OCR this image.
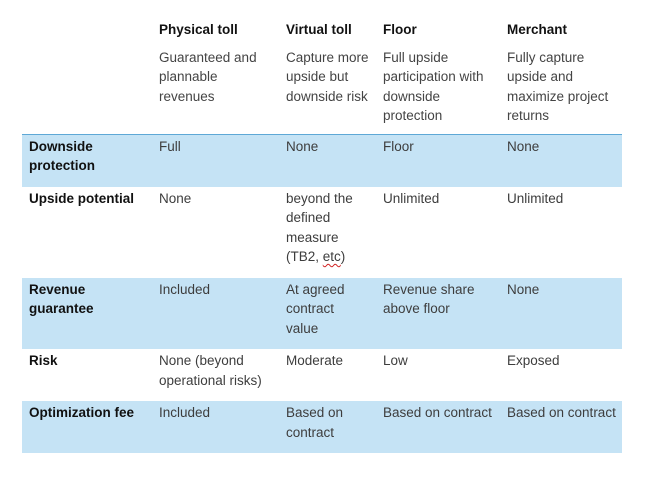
	Physical toll	Virtual toll	Floor	Merchant
	Guaranteed and plannable revenues	Capture more upside but downside risk	Full upside participation with downside protection	Fully capture upside and maximize project returns
Downside protection	Full	None	Floor	None
Upside potential	None	beyond the defined measure (TB2, etc)	Unlimited	Unlimited
Revenue guarantee	Included	At agreed contract value	Revenue share above floor	None
Risk	None (beyond operational risks)	Moderate	Low	Exposed
Optimization fee	Included	Based on contract	Based on contract	Based on contract
